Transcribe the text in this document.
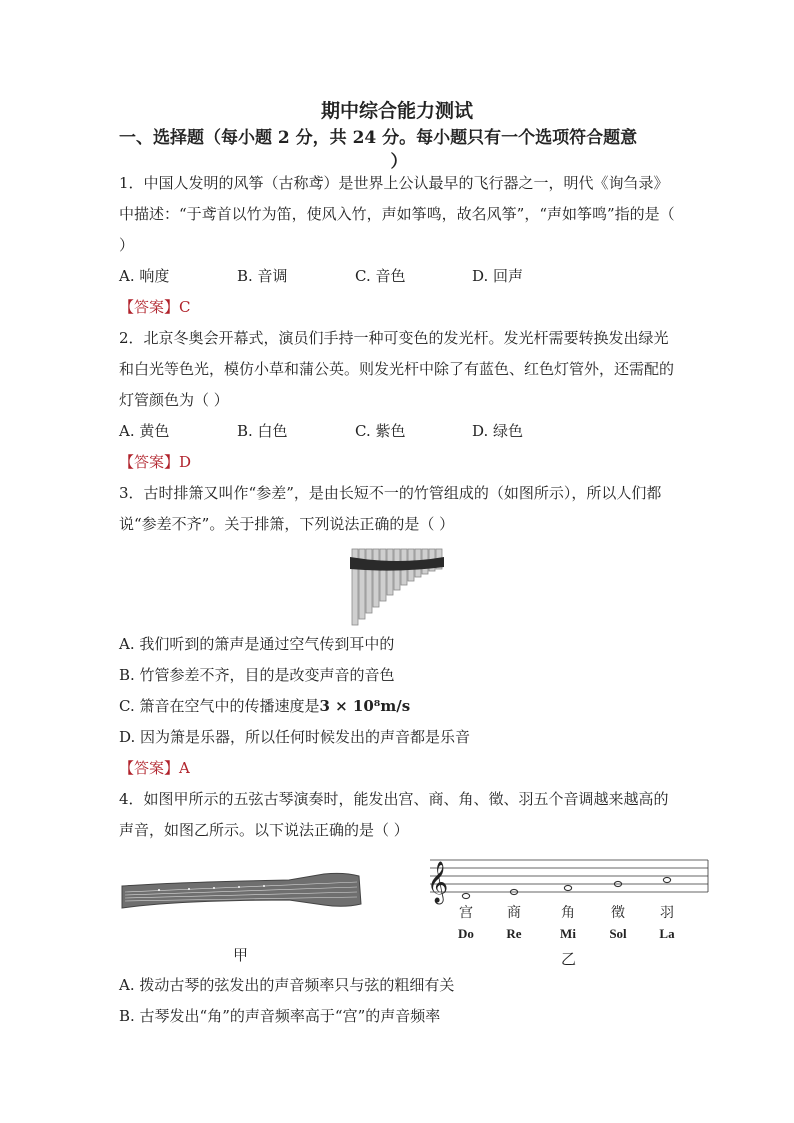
期中综合能力测试
一、选择题（每小题 2 分，共 24 分。每小题只有一个选项符合题意
）
1．中国人发明的风筝（古称鸢）是世界上公认最早的飞行器之一，明代《询刍录》中描述：“于鸢首以竹为笛，使风入竹，声如筝鸣，故名风筝”，“声如筝鸣”指的是（ ）
A. 响度	B. 音调	C. 音色	D. 回声
【答案】C
2．北京冬奥会开幕式，演员们手持一种可变色的发光杆。发光杆需要转换发出绿光和白光等色光，模仿小草和蒲公英。则发光杆中除了有蓝色、红色灯管外，还需配的灯管颜色为（ ）
A. 黄色	B. 白色	C. 紫色	D. 绿色
【答案】D
3．古时排箫又叫作“参差”，是由长短不一的竹管组成的（如图所示），所以人们都说“参差不齐”。关于排箫，下列说法正确的是（ ）
A. 我们听到的箫声是通过空气传到耳中的
B. 竹管参差不齐，目的是改变声音的音色
C. 箫音在空气中的传播速度是3 × 10⁸m/s
D. 因为箫是乐器，所以任何时候发出的声音都是乐音
【答案】A
4．如图甲所示的五弦古琴演奏时，能发出宫、商、角、徵、羽五个音调越来越高的声音，如图乙所示。以下说法正确的是（ ）
甲
𝄞
宫	商	角	徵	羽
Do	Re	Mi	Sol	La
乙
A. 拨动古琴的弦发出的声音频率只与弦的粗细有关
B. 古琴发出“角”的声音频率高于“宫”的声音频率
